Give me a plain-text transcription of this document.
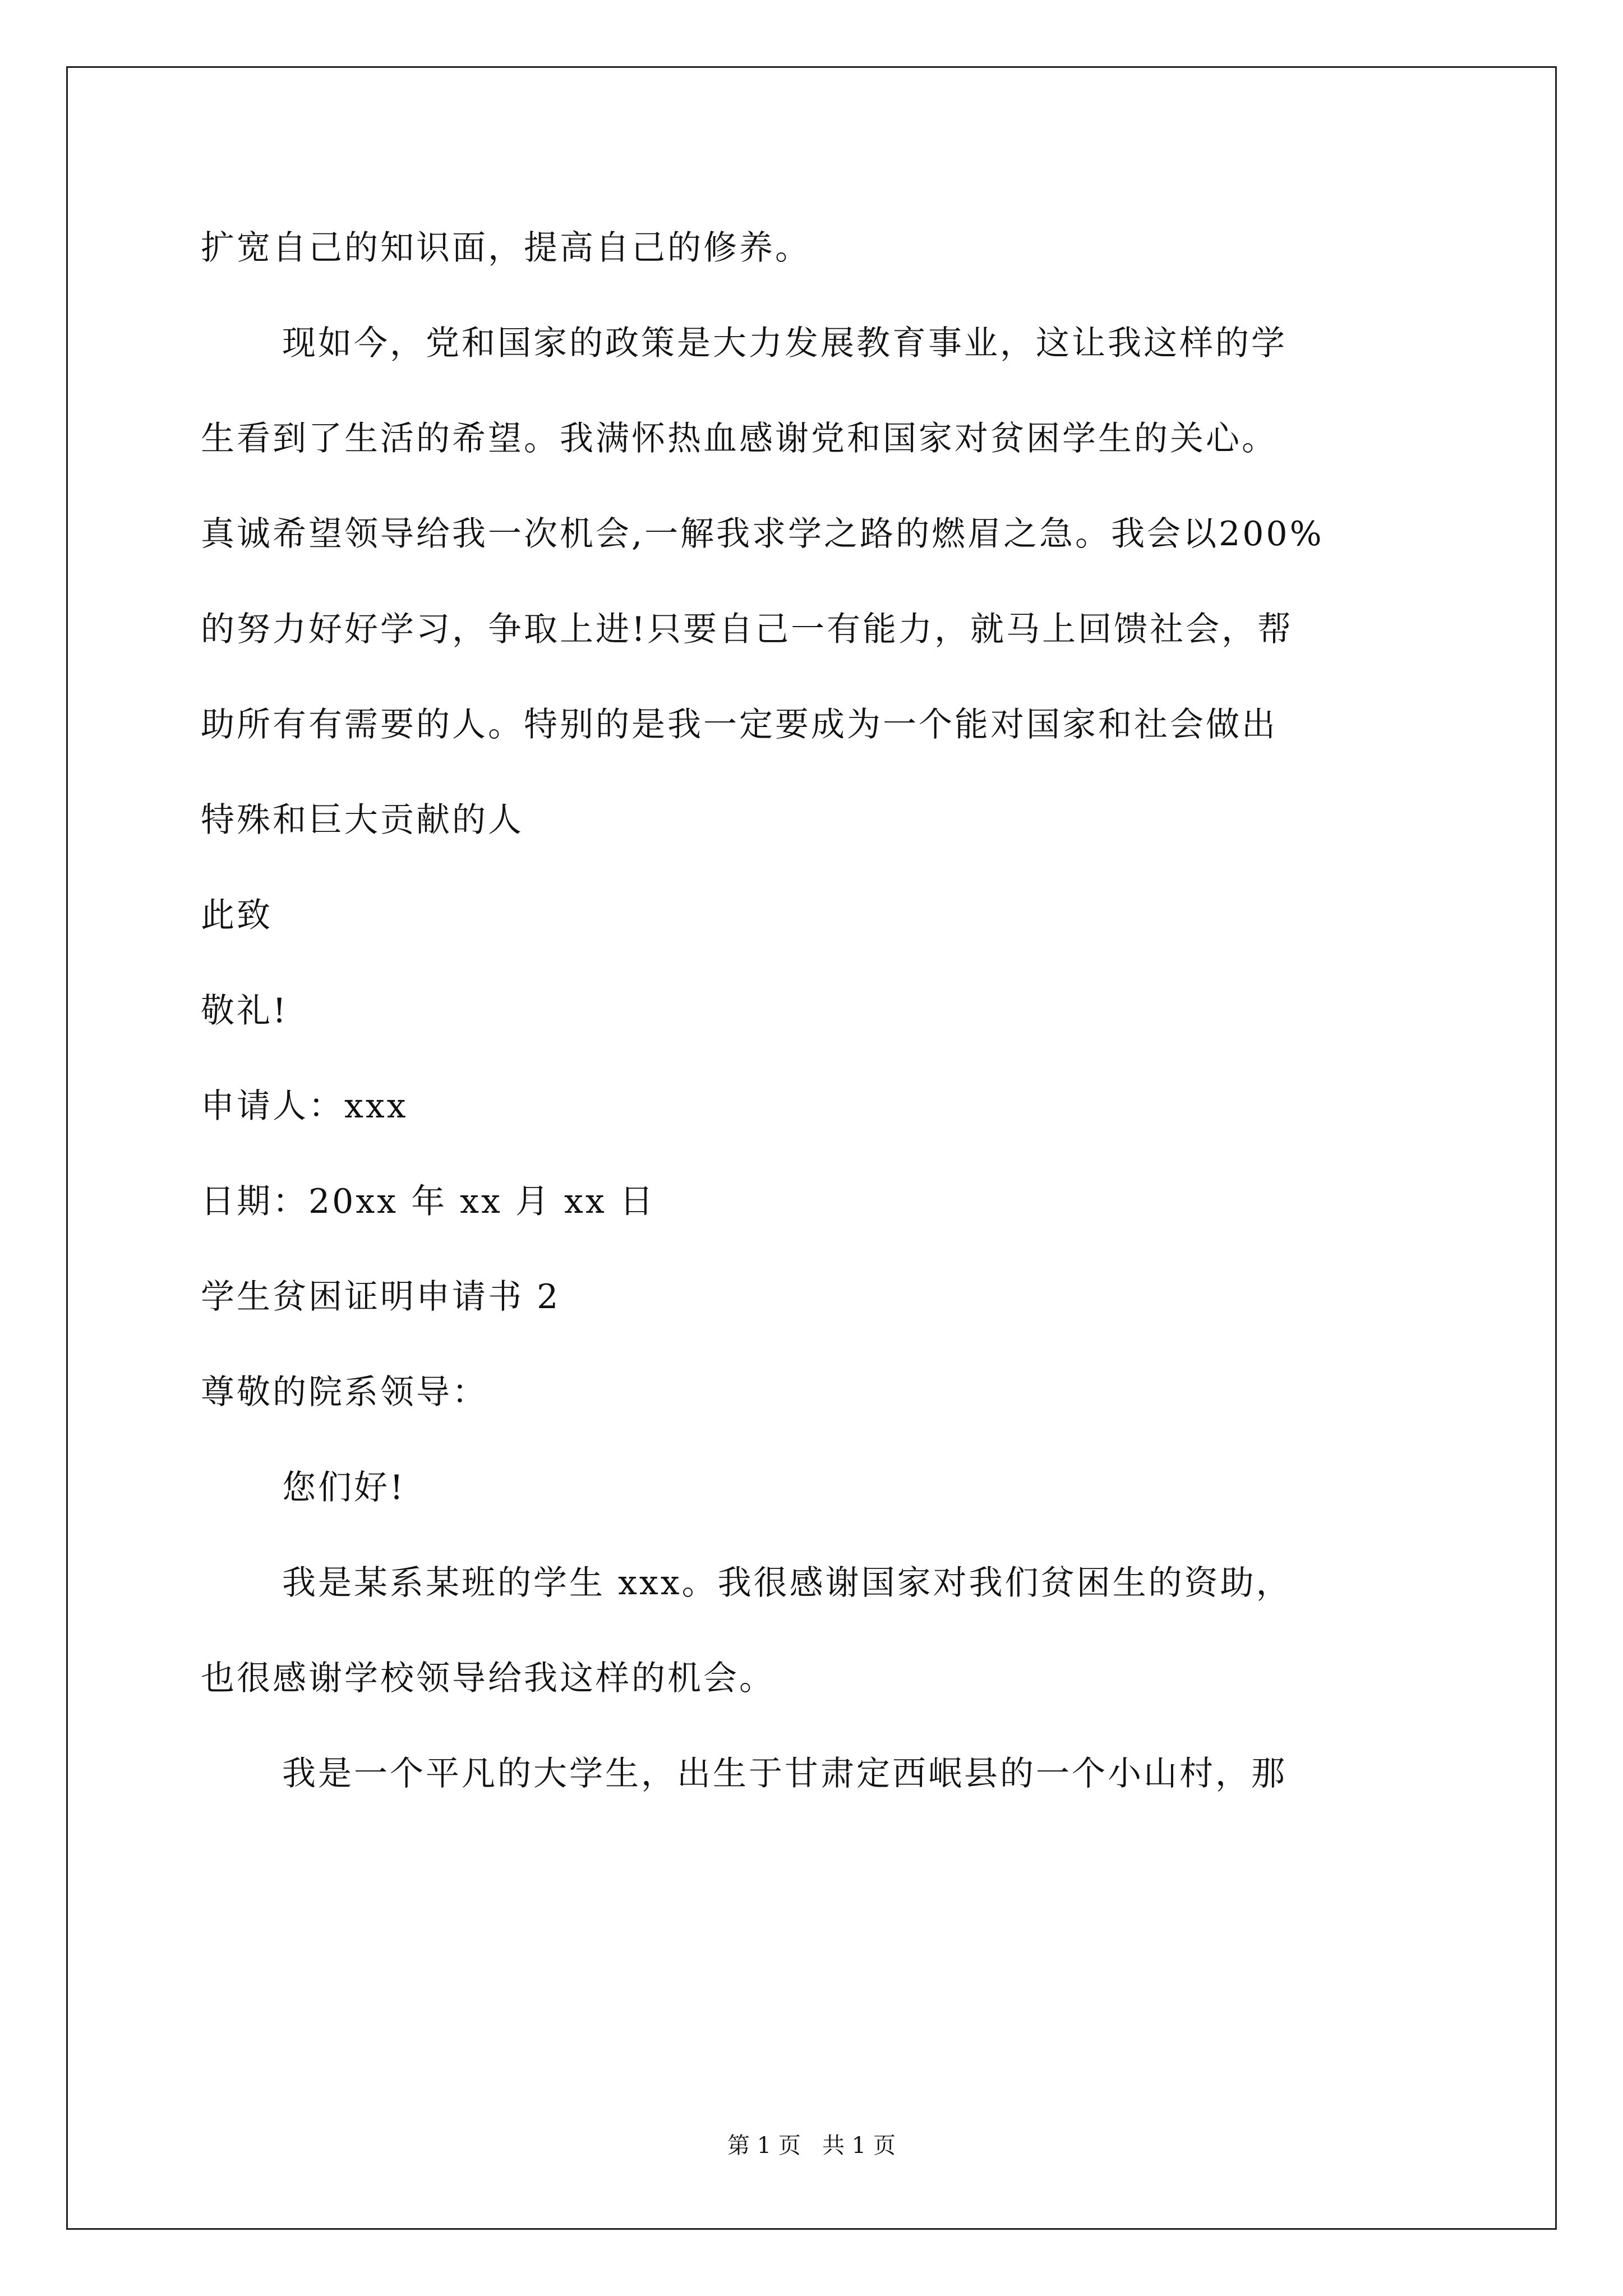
扩宽自己的知识面，提高自己的修养。
现如今，党和国家的政策是大力发展教育事业，这让我这样的学
生看到了生活的希望。我满怀热血感谢党和国家对贫困学生的关心。
真诚希望领导给我一次机会,一解我求学之路的燃眉之急。我会以200%
的努力好好学习，争取上进!只要自己一有能力，就马上回馈社会，帮
助所有有需要的人。特别的是我一定要成为一个能对国家和社会做出
特殊和巨大贡献的人
此致
敬礼!
申请人：xxx
日期：20xx 年 xx 月 xx 日
学生贫困证明申请书 2
尊敬的院系领导：
您们好!
我是某系某班的学生 xxx。我很感谢国家对我们贫困生的资助，
也很感谢学校领导给我这样的机会。
我是一个平凡的大学生，出生于甘肃定西岷县的一个小山村，那
第 1 页   共 1 页
